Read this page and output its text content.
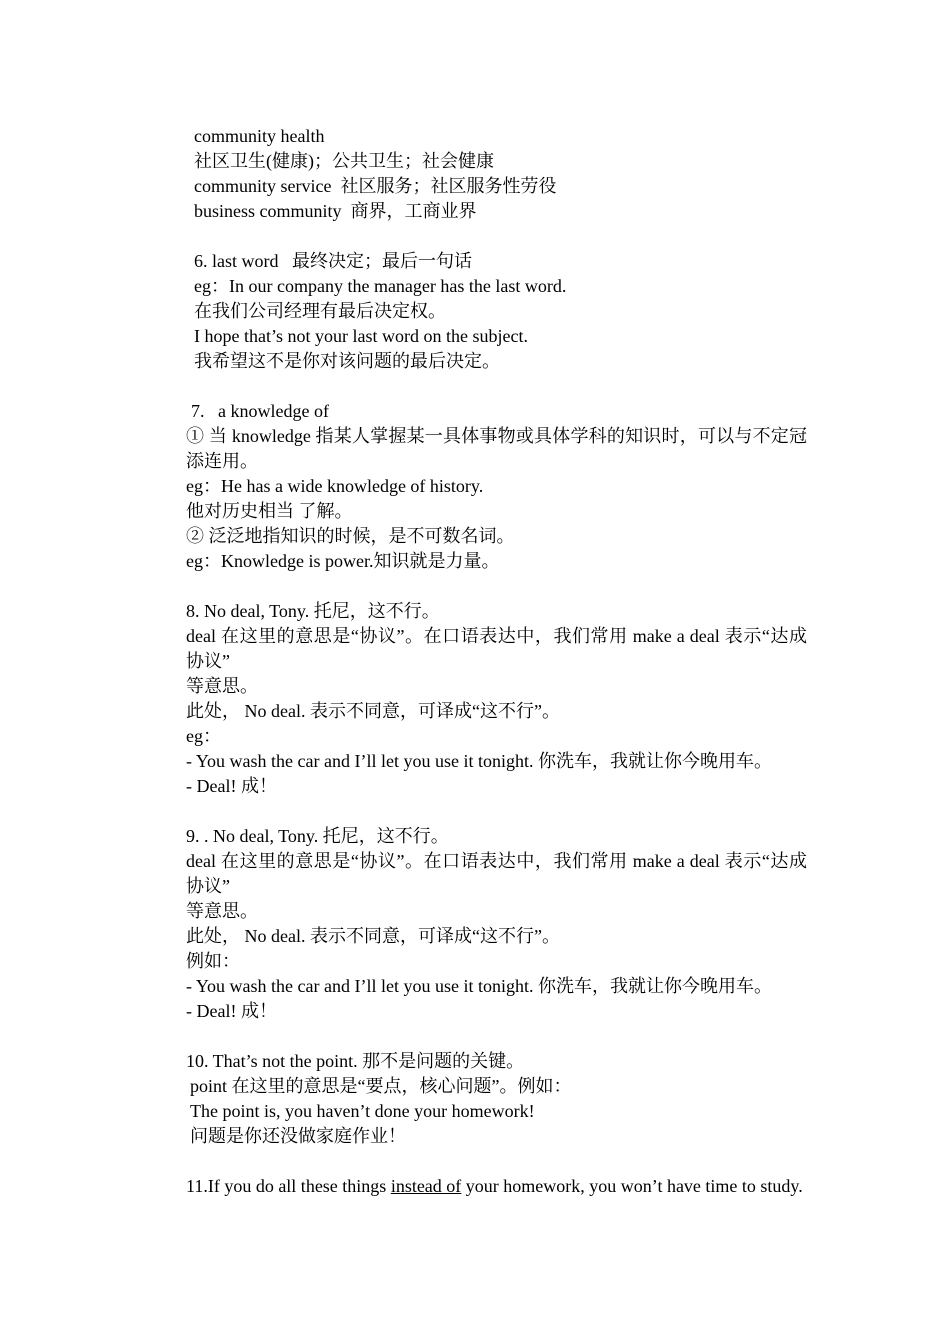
community health
社区卫生(健康)；公共卫生；社会健康
community service  社区服务；社区服务性劳役
business community  商界，工商业界
6. last word   最终决定；最后一句话
eg：In our company the manager has the last word.
在我们公司经理有最后决定权。
I hope that’s not your last word on the subject.
我希望这不是你对该问题的最后决定。
7.   a knowledge of
① 当 knowledge 指某人掌握某一具体事物或具体学科的知识时，可以与不定冠添连用。
eg：He has a wide knowledge of history.
他对历史相当 了解。
② 泛泛地指知识的时候，是不可数名词。
eg：Knowledge is power.知识就是力量。
8. No deal, Tony. 托尼，这不行。
deal 在这里的意思是“协议”。在口语表达中，我们常用 make a deal 表示“达成协议”
等意思。
此处， No deal. 表示不同意，可译成“这不行”。
eg：
- You wash the car and I’ll let you use it tonight. 你洗车，我就让你今晚用车。
- Deal! 成！
9. . No deal, Tony. 托尼，这不行。
deal 在这里的意思是“协议”。在口语表达中，我们常用 make a deal 表示“达成协议”
等意思。
此处， No deal. 表示不同意，可译成“这不行”。
例如：
- You wash the car and I’ll let you use it tonight. 你洗车，我就让你今晚用车。
- Deal! 成！
10. That’s not the point. 那不是问题的关键。
point 在这里的意思是“要点，核心问题”。例如：
The point is, you haven’t done your homework!
问题是你还没做家庭作业！
11.If you do all these things instead of your homework, you won’t have time to study.
